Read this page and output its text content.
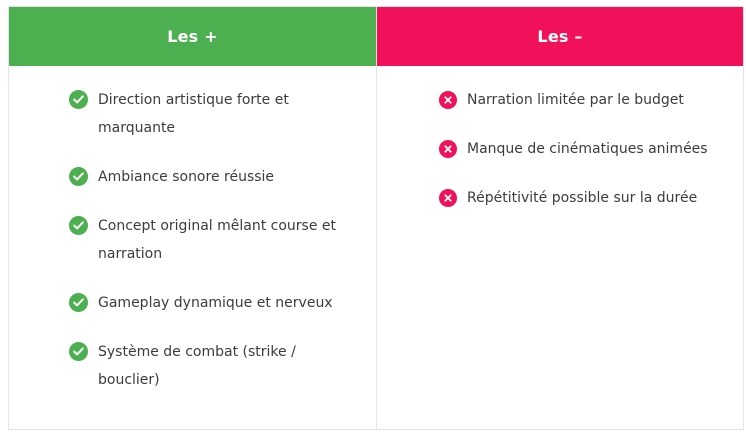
Les +
Direction artistique forte et marquante
Ambiance sonore réussie
Concept original mêlant course et narration
Gameplay dynamique et nerveux
Système de combat (strike / bouclier)
Les –
Narration limitée par le budget
Manque de cinématiques animées
Répétitivité possible sur la durée
